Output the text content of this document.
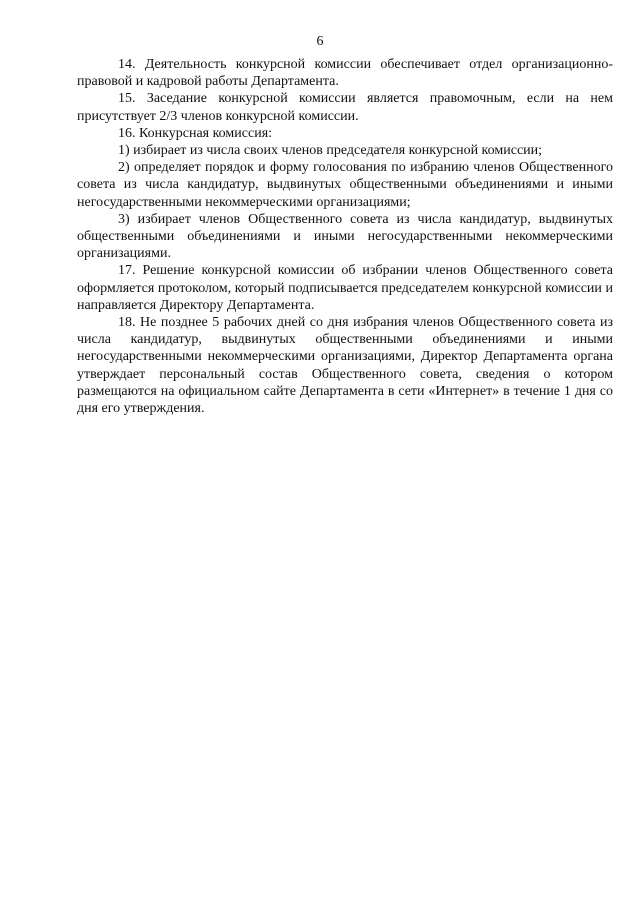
6

14. Деятельность конкурсной комиссии обеспечивает отдел организационно-правовой и кадровой работы Департамента.

15. Заседание конкурсной комиссии является правомочным, если на нем присутствует 2/3 членов конкурсной комиссии.

16. Конкурсная комиссия:

1) избирает из числа своих членов председателя конкурсной комиссии;

2) определяет порядок и форму голосования по избранию членов Общественного совета из числа кандидатур, выдвинутых общественными объединениями и иными негосударственными некоммерческими организациями;

3) избирает членов Общественного совета из числа кандидатур, выдвинутых общественными объединениями и иными негосударственными некоммерческими организациями.

17. Решение конкурсной комиссии об избрании членов Общественного совета оформляется протоколом, который подписывается председателем конкурсной комиссии и направляется Директору Департамента.

18. Не позднее 5 рабочих дней со дня избрания членов Общественного совета из числа кандидатур, выдвинутых общественными объединениями и иными негосударственными некоммерческими организациями, Директор Департамента органа утверждает персональный состав Общественного совета, сведения о котором размещаются на официальном сайте Департамента в сети «Интернет» в течение 1 дня со дня его утверждения.
